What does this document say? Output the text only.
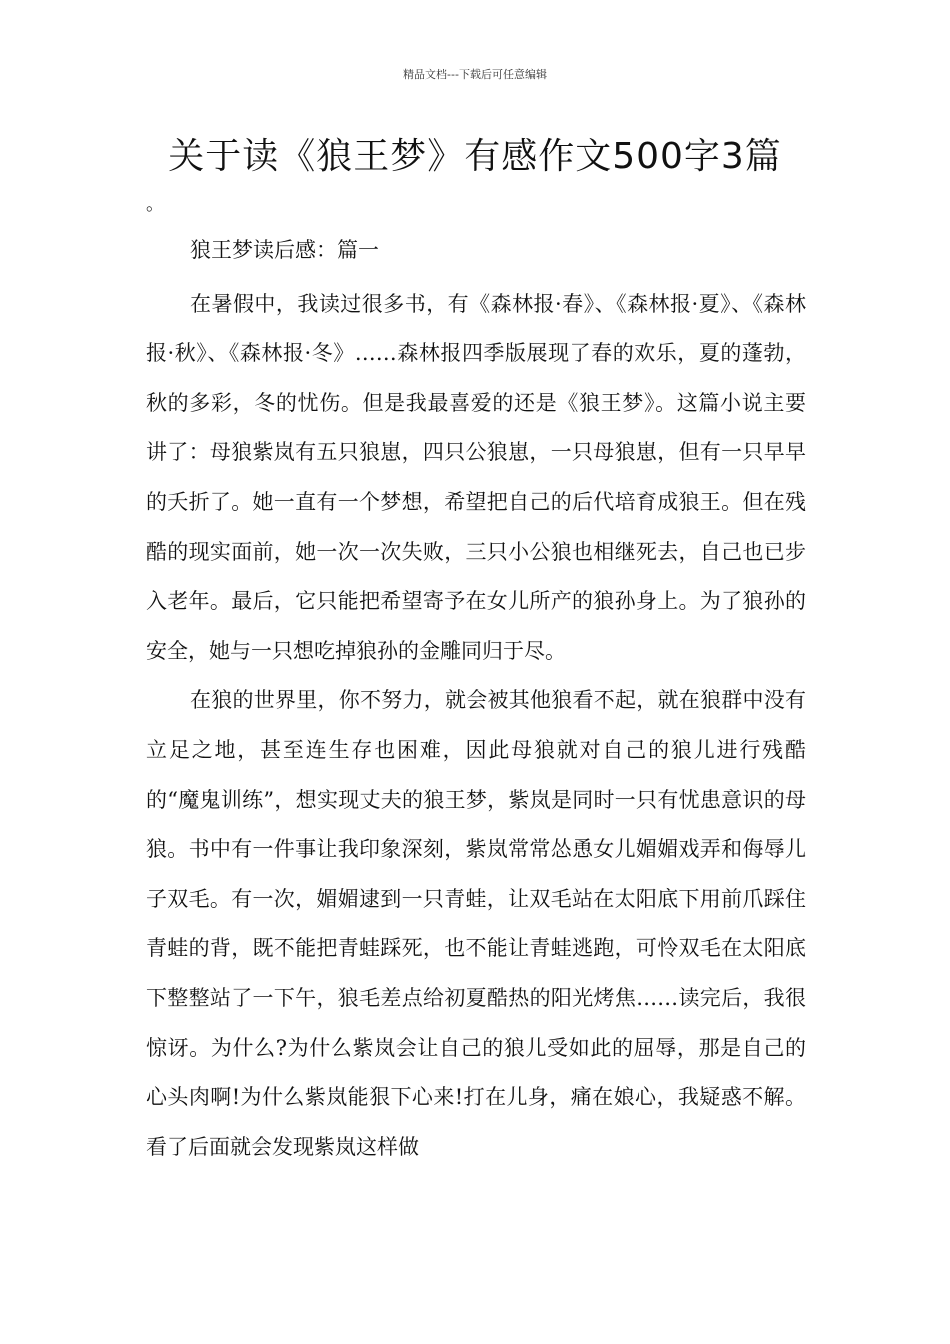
精品文档---下载后可任意编辑
关于读《狼王梦》有感作文500字3篇
。

狼王梦读后感：篇一

在暑假中，我读过很多书，有《森林报·春》、《森林报·夏》、《森林报·秋》、《森林报·冬》……森林报四季版展现了春的欢乐，夏的蓬勃，秋的多彩，冬的忧伤。但是我最喜爱的还是《狼王梦》。这篇小说主要讲了：母狼紫岚有五只狼崽，四只公狼崽，一只母狼崽，但有一只早早的夭折了。她一直有一个梦想，希望把自己的后代培育成狼王。但在残酷的现实面前，她一次一次失败，三只小公狼也相继死去，自己也已步入老年。最后，它只能把希望寄予在女儿所产的狼孙身上。为了狼孙的安全，她与一只想吃掉狼孙的金雕同归于尽。

在狼的世界里，你不努力，就会被其他狼看不起，就在狼群中没有立足之地，甚至连生存也困难，因此母狼就对自己的狼儿进行残酷的“魔鬼训练”，想实现丈夫的狼王梦，紫岚是同时一只有忧患意识的母狼。书中有一件事让我印象深刻，紫岚常常怂恿女儿媚媚戏弄和侮辱儿子双毛。有一次，媚媚逮到一只青蛙，让双毛站在太阳底下用前爪踩住青蛙的背，既不能把青蛙踩死，也不能让青蛙逃跑，可怜双毛在太阳底下整整站了一下午，狼毛差点给初夏酷热的阳光烤焦……读完后，我很惊讶。为什么?为什么紫岚会让自己的狼儿受如此的屈辱，那是自己的心头肉啊!为什么紫岚能狠下心来!打在儿身，痛在娘心，我疑惑不解。看了后面就会发现紫岚这样做
